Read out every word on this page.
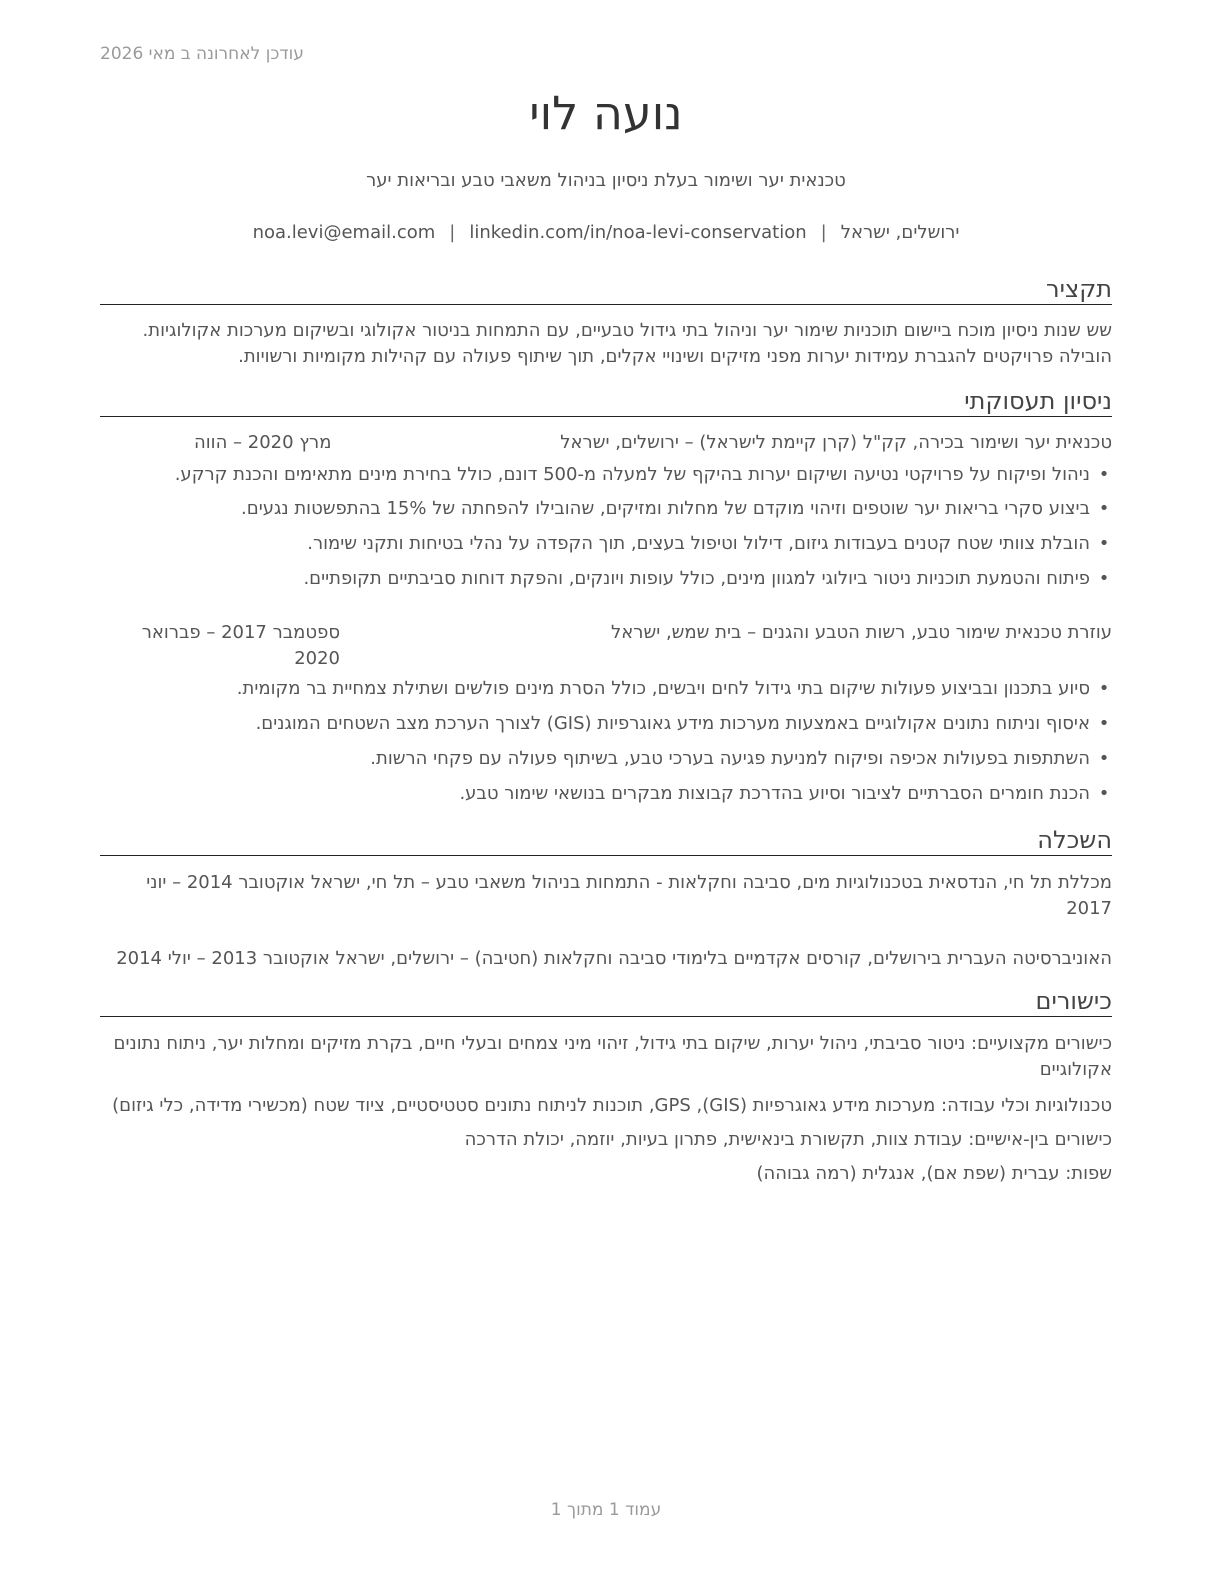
עודכן לאחרונה ב מאי 2026
נועה לוי
טכנאית יער ושימור בעלת ניסיון בניהול משאבי טבע ובריאות יער
ירושלים, ישראל|noa.levi@email.com | linkedin.com/in/noa-levi-conservation
תקציר
שש שנות ניסיון מוכח ביישום תוכניות שימור יער וניהול בתי גידול טבעיים, עם התמחות בניטור אקולוגי ובשיקום מערכות אקולוגיות. הובילה פרויקטים להגברת עמידות יערות מפני מזיקים ושינויי אקלים, תוך שיתוף פעולה עם קהילות מקומיות ורשויות.
ניסיון תעסוקתי
טכנאית יער ושימור בכירה, קק"ל (קרן קיימת לישראל) – ירושלים, ישראל
מרץ 2020 – הווה
•ניהול ופיקוח על פרויקטי נטיעה ושיקום יערות בהיקף של למעלה מ-500 דונם, כולל בחירת מינים מתאימים והכנת קרקע.
•ביצוע סקרי בריאות יער שוטפים וזיהוי מוקדם של מחלות ומזיקים, שהובילו להפחתה של 15% בהתפשטות נגעים.
•הובלת צוותי שטח קטנים בעבודות גיזום, דילול וטיפול בעצים, תוך הקפדה על נהלי בטיחות ותקני שימור.
•פיתוח והטמעת תוכניות ניטור ביולוגי למגוון מינים, כולל עופות ויונקים, והפקת דוחות סביבתיים תקופתיים.
עוזרת טכנאית שימור טבע, רשות הטבע והגנים – בית שמש, ישראל
ספטמבר 2017 – פברואר 2020
•סיוע בתכנון ובביצוע פעולות שיקום בתי גידול לחים ויבשים, כולל הסרת מינים פולשים ושתילת צמחיית בר מקומית.
•איסוף וניתוח נתונים אקולוגיים באמצעות מערכות מידע גאוגרפיות (GIS) לצורך הערכת מצב השטחים המוגנים.
•השתתפות בפעולות אכיפה ופיקוח למניעת פגיעה בערכי טבע, בשיתוף פעולה עם פקחי הרשות.
•הכנת חומרים הסברתיים לציבור וסיוע בהדרכת קבוצות מבקרים בנושאי שימור טבע.
השכלה
מכללת תל חי, הנדסאית בטכנולוגיות מים, סביבה וחקלאות - התמחות בניהול משאבי טבע – תל חי, ישראל אוקטובר 2014 – יוני 2017
האוניברסיטה העברית בירושלים, קורסים אקדמיים בלימודי סביבה וחקלאות (חטיבה) – ירושלים, ישראל אוקטובר 2013 – יולי 2014
כישורים
כישורים מקצועיים: ניטור סביבתי, ניהול יערות, שיקום בתי גידול, זיהוי מיני צמחים ובעלי חיים, בקרת מזיקים ומחלות יער, ניתוח נתונים אקולוגיים
טכנולוגיות וכלי עבודה: מערכות מידע גאוגרפיות (GIS), GPS, תוכנות לניתוח נתונים סטטיסטיים, ציוד שטח (מכשירי מדידה, כלי גיזום)
כישורים בין-אישיים: עבודת צוות, תקשורת בינאישית, פתרון בעיות, יוזמה, יכולת הדרכה
שפות: עברית (שפת אם), אנגלית (רמה גבוהה)
עמוד 1 מתוך 1
